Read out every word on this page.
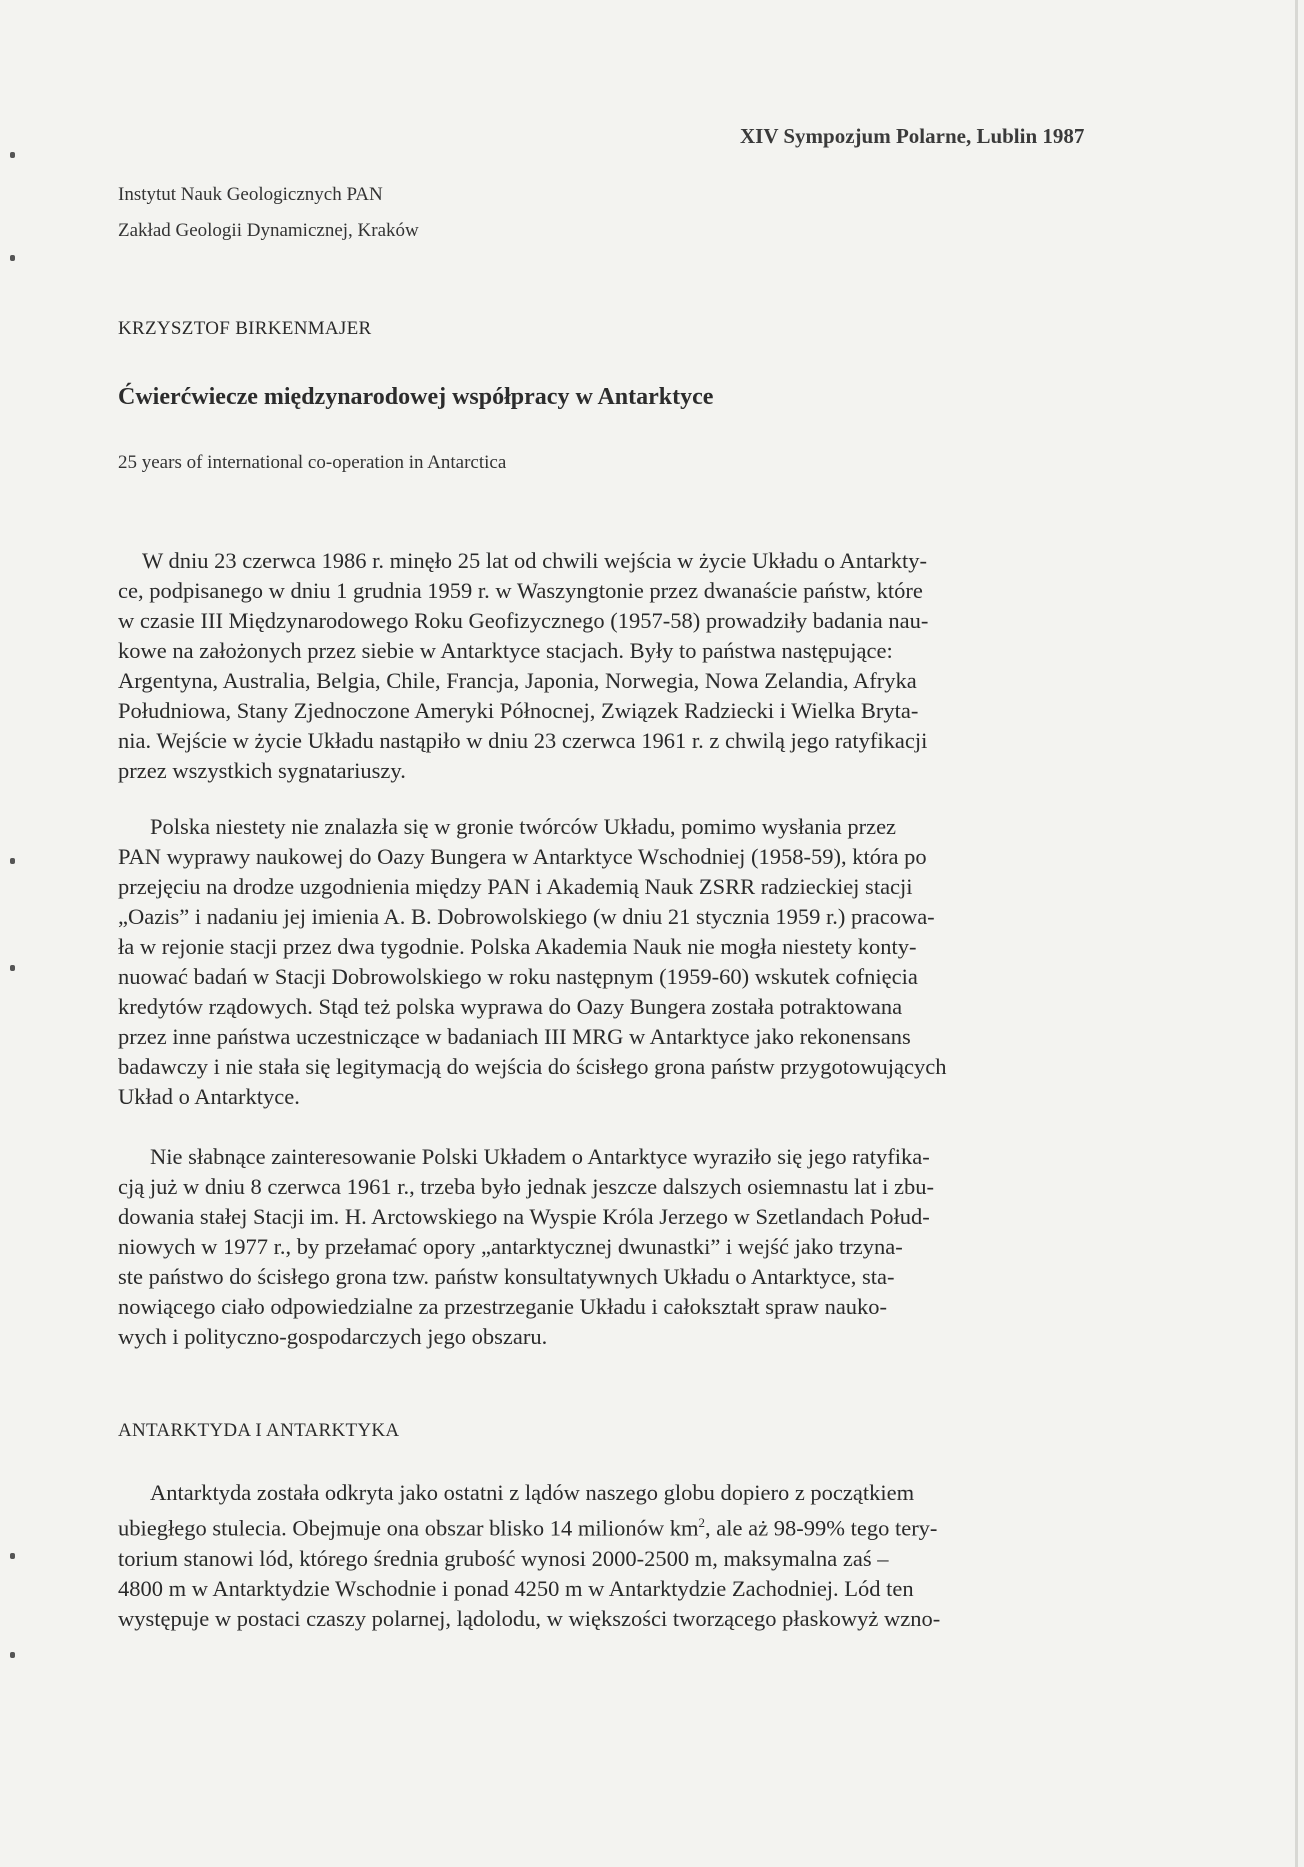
XIV Sympozjum Polarne, Lublin 1987
Instytut Nauk Geologicznych PAN
Zakład Geologii Dynamicznej, Kraków
KRZYSZTOF BIRKENMAJER
Ćwierćwiecze międzynarodowej współpracy w Antarktyce
25 years of international co-operation in Antarctica
W dniu 23 czerwca 1986 r. minęło 25 lat od chwili wejścia w życie Układu o Antarkty-
ce, podpisanego w dniu 1 grudnia 1959 r. w Waszyngtonie przez dwanaście państw, które
w czasie III Międzynarodowego Roku Geofizycznego (1957-58) prowadziły badania nau-
kowe na założonych przez siebie w Antarktyce stacjach. Były to państwa następujące:
Argentyna, Australia, Belgia, Chile, Francja, Japonia, Norwegia, Nowa Zelandia, Afryka
Południowa, Stany Zjednoczone Ameryki Północnej, Związek Radziecki i Wielka Bryta-
nia. Wejście w życie Układu nastąpiło w dniu 23 czerwca 1961 r. z chwilą jego ratyfikacji
przez wszystkich sygnatariuszy.
Polska niestety nie znalazła się w gronie twórców Układu, pomimo wysłania przez
PAN wyprawy naukowej do Oazy Bungera w Antarktyce Wschodniej (1958-59), która po
przejęciu na drodze uzgodnienia między PAN i Akademią Nauk ZSRR radzieckiej stacji
„Oazis” i nadaniu jej imienia A. B. Dobrowolskiego (w dniu 21 stycznia 1959 r.) pracowa-
ła w rejonie stacji przez dwa tygodnie. Polska Akademia Nauk nie mogła niestety konty-
nuować badań w Stacji Dobrowolskiego w roku następnym (1959-60) wskutek cofnięcia
kredytów rządowych. Stąd też polska wyprawa do Oazy Bungera została potraktowana
przez inne państwa uczestniczące w badaniach III MRG w Antarktyce jako rekonensans
badawczy i nie stała się legitymacją do wejścia do ścisłego grona państw przygotowujących
Układ o Antarktyce.
Nie słabnące zainteresowanie Polski Układem o Antarktyce wyraziło się jego ratyfika-
cją już w dniu 8 czerwca 1961 r., trzeba było jednak jeszcze dalszych osiemnastu lat i zbu-
dowania stałej Stacji im. H. Arctowskiego na Wyspie Króla Jerzego w Szetlandach Połud-
niowych w 1977 r., by przełamać opory „antarktycznej dwunastki” i wejść jako trzyna-
ste państwo do ścisłego grona tzw. państw konsultatywnych Układu o Antarktyce, sta-
nowiącego ciało odpowiedzialne za przestrzeganie Układu i całokształt spraw nauko-
wych i polityczno-gospodarczych jego obszaru.
ANTARKTYDA I ANTARKTYKA
Antarktyda została odkryta jako ostatni z lądów naszego globu dopiero z początkiem
ubiegłego stulecia. Obejmuje ona obszar blisko 14 milionów $km^2$, ale aż 98-99% tego tery-
torium stanowi lód, którego średnia grubość wynosi 2000-2500 m, maksymalna zaś –
4800 m w Antarktydzie Wschodnie i ponad 4250 m w Antarktydzie Zachodniej. Lód ten
występuje w postaci czaszy polarnej, lądolodu, w większości tworzącego płaskowyż wzno-
